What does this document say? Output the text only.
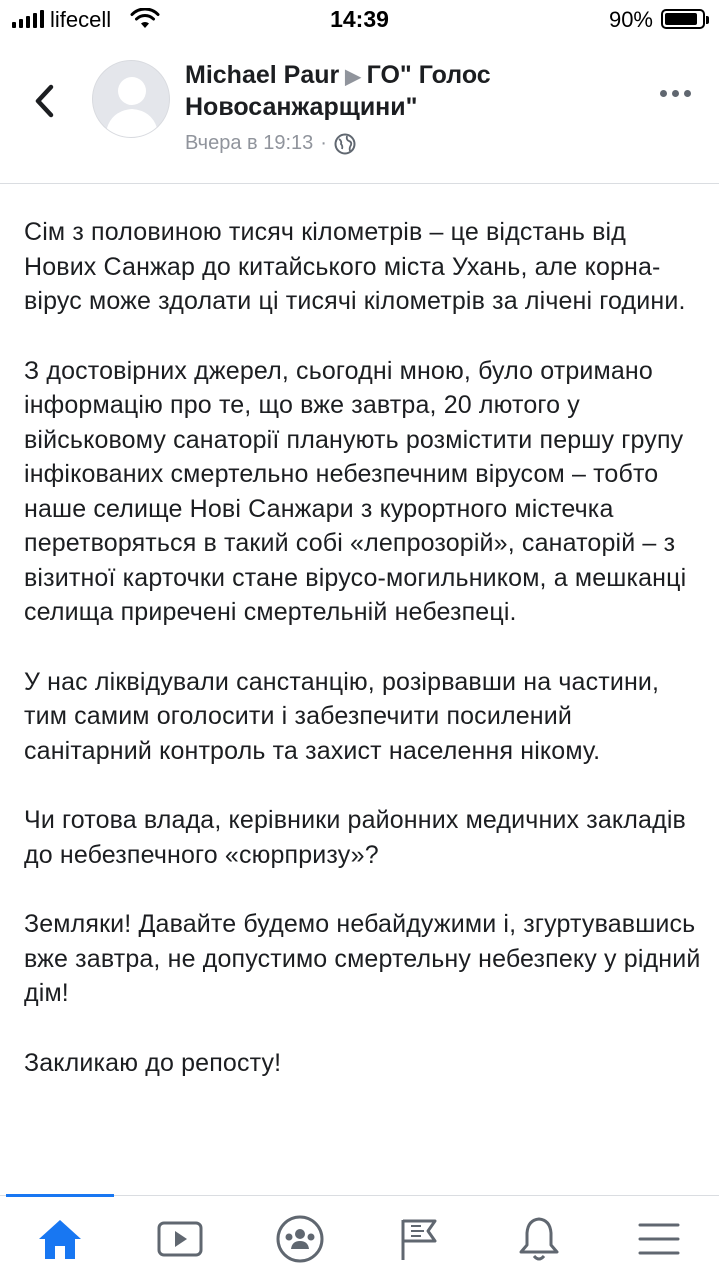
lifecell	14:39	90%
Michael Paur ▶ ГО" Голос Новосанжарщини"
Вчера в 19:13 ·

Сім з половиною тисяч кілометрів – це відстань від Нових Санжар до китайського міста Ухань, але корна-вірус може здолати ці тисячі кілометрів за лічені години.

З достовірних джерел, сьогодні мною, було отримано інформацію про те, що вже завтра, 20 лютого у військовому санаторії планують розмістити першу групу інфікованих смертельно небезпечним вірусом – тобто наше селище Нові Санжари з курортного містечка перетворяться в такий собі «лепрозорій», санаторій – з візитної карточки стане вірусо-могильником, а мешканці селища приречені смертельній небезпеці.

У нас ліквідували санстанцію, розірвавши на частини, тим самим оголосити і забезпечити посилений санітарний контроль та захист населення нікому.

Чи готова влада, керівники районних медичних закладів до небезпечного «сюрпризу»?

Земляки! Давайте будемо небайдужими і, згуртувавшись вже завтра, не допустимо смертельну небезпеку у рідний дім!

Закликаю до репосту!
